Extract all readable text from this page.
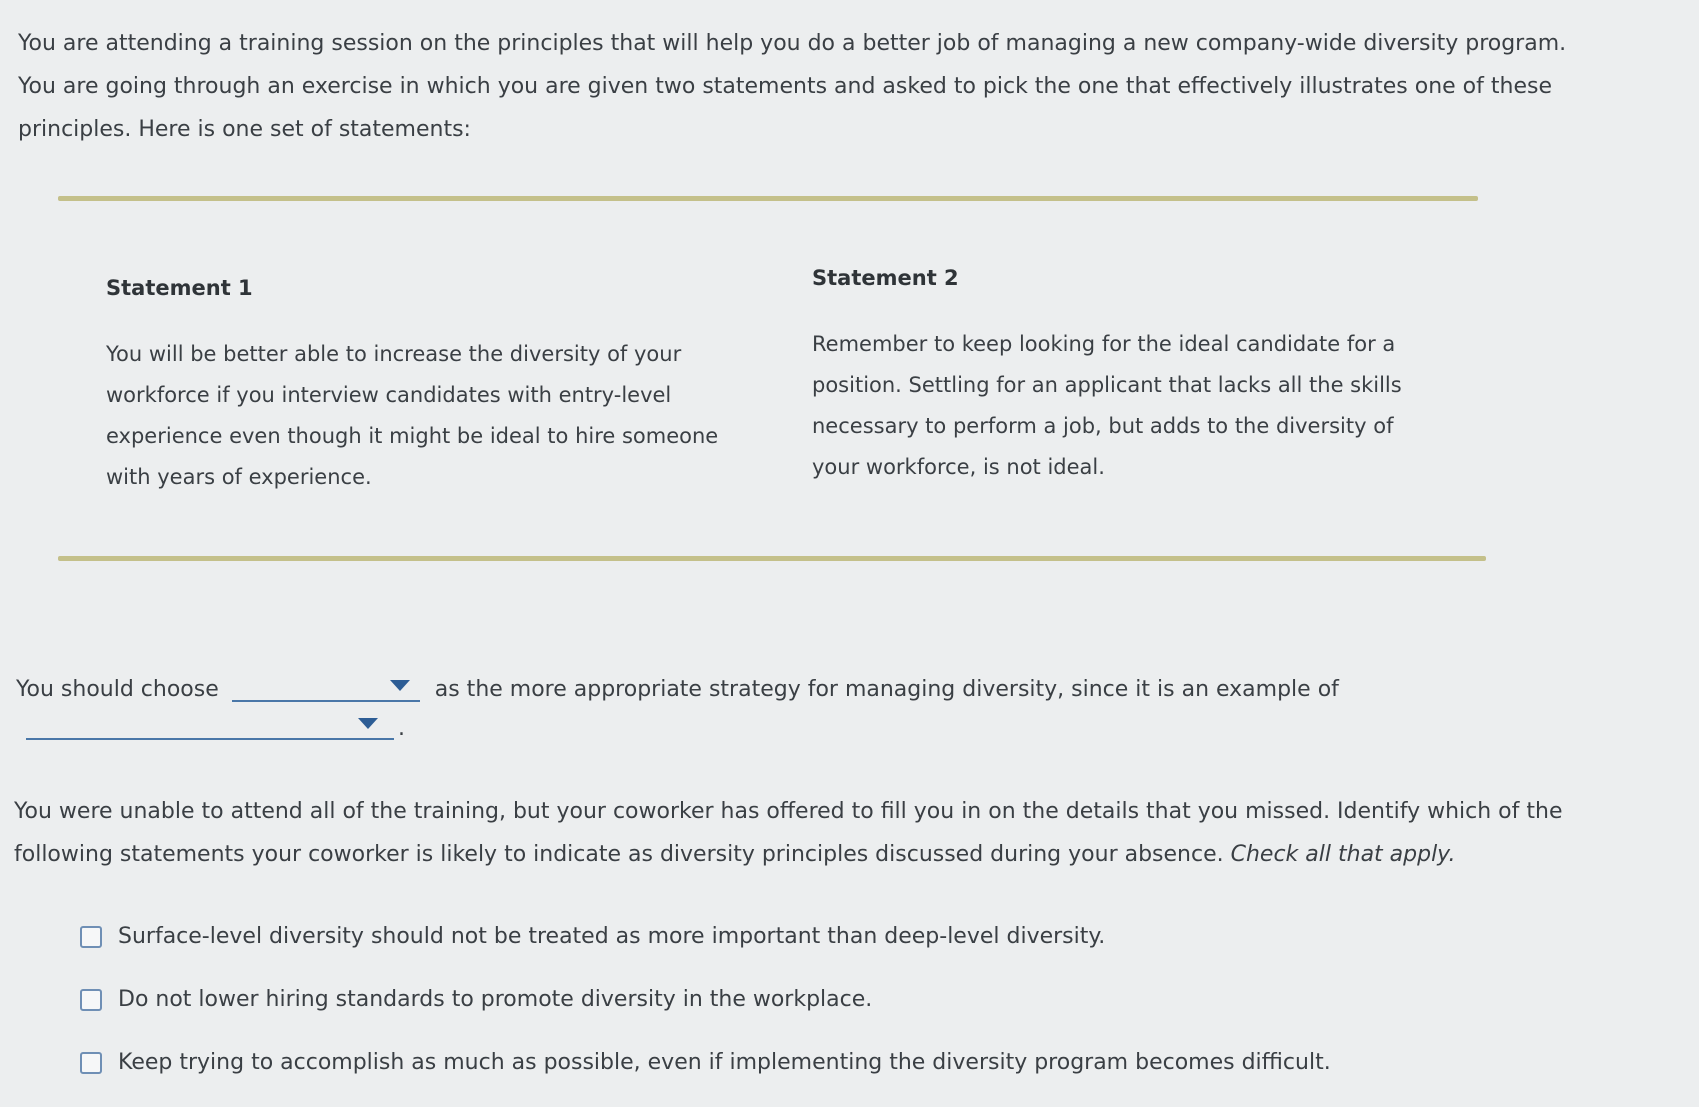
You are attending a training session on the principles that will help you do a better job of managing a new company-wide diversity program. You are going through an exercise in which you are given two statements and asked to pick the one that effectively illustrates one of these principles. Here is one set of statements:

Statement 1

You will be better able to increase the diversity of your workforce if you interview candidates with entry-level experience even though it might be ideal to hire someone with years of experience.

Statement 2

Remember to keep looking for the ideal candidate for a position. Settling for an applicant that lacks all the skills necessary to perform a job, but adds to the diversity of your workforce, is not ideal.

You should choose	as the more appropriate strategy for managing diversity, since it is an example of
.

You were unable to attend all of the training, but your coworker has offered to fill you in on the details that you missed. Identify which of the following statements your coworker is likely to indicate as diversity principles discussed during your absence. Check all that apply.

Surface-level diversity should not be treated as more important than deep-level diversity.
Do not lower hiring standards to promote diversity in the workplace.
Keep trying to accomplish as much as possible, even if implementing the diversity program becomes difficult.
